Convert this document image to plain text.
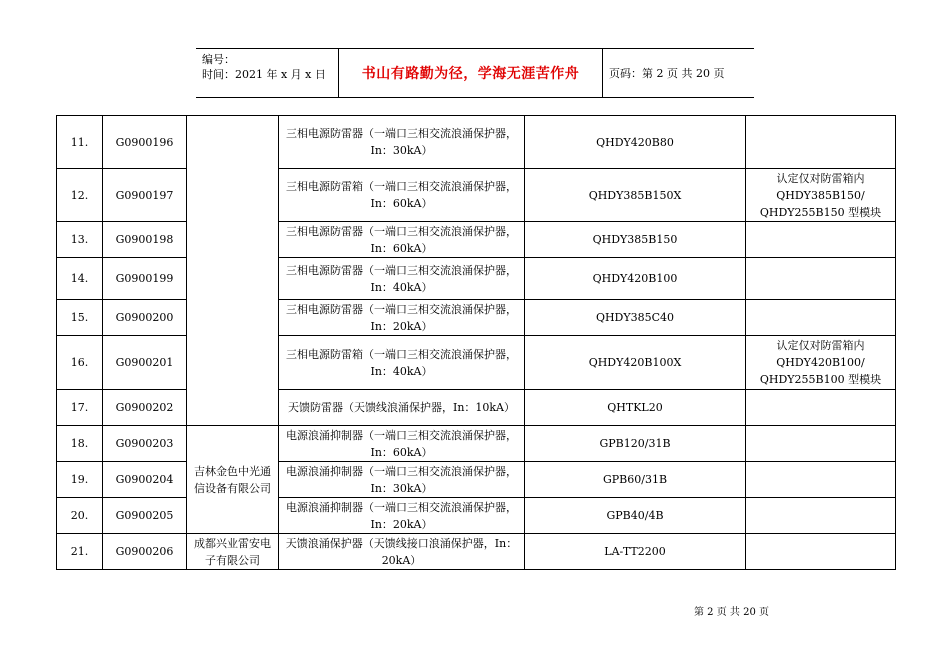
编号：
时间：2021 年 x 月 x 日	书山有路勤为径，学海无涯苦作舟	页码：第 2 页 共 20 页
11.	G0900196		三相电源防雷器（一端口三相交流浪涌保护器，In：30kA）	QHDY420B80	
12.	G0900197		三相电源防雷箱（一端口三相交流浪涌保护器，In：60kA）	QHDY385B150X	认定仅对防雷箱内 QHDY385B150/ QHDY255B150 型模块
13.	G0900198		三相电源防雷器（一端口三相交流浪涌保护器，In：60kA）	QHDY385B150	
14.	G0900199		三相电源防雷器（一端口三相交流浪涌保护器，In：40kA）	QHDY420B100	
15.	G0900200		三相电源防雷器（一端口三相交流浪涌保护器，In：20kA）	QHDY385C40	
16.	G0900201		三相电源防雷箱（一端口三相交流浪涌保护器，In：40kA）	QHDY420B100X	认定仅对防雷箱内 QHDY420B100/ QHDY255B100 型模块
17.	G0900202		天馈防雷器（天馈线浪涌保护器，In：10kA）	QHTKL20	
18.	G0900203	吉林金色中光通信设备有限公司	电源浪涌抑制器（一端口三相交流浪涌保护器，In：60kA）	GPB120/31B	
19.	G0900204		电源浪涌抑制器（一端口三相交流浪涌保护器，In：30kA）	GPB60/31B	
20.	G0900205		电源浪涌抑制器（一端口三相交流浪涌保护器，In：20kA）	GPB40/4B	
21.	G0900206	成都兴业雷安电子有限公司	天馈浪涌保护器（天馈线接口浪涌保护器，In：20kA）	LA-TT2200	
第 2 页 共 20 页
